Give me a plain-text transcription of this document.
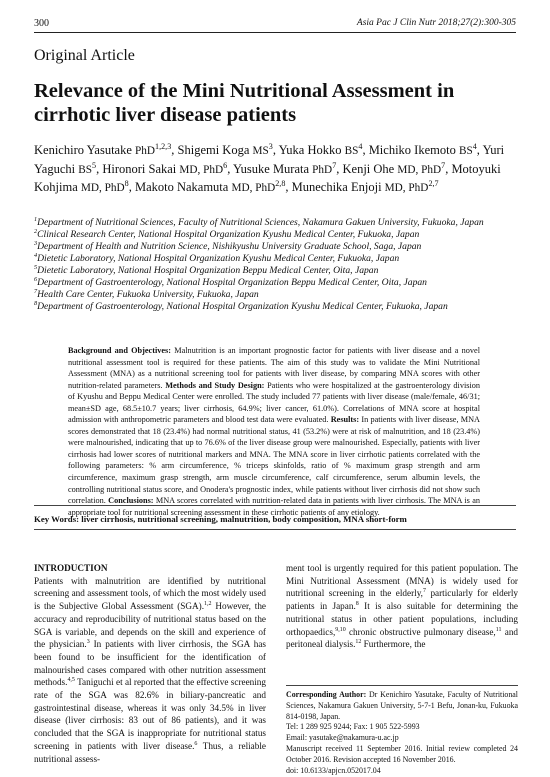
300	Asia Pac J Clin Nutr 2018;27(2):300-305
Original Article
Relevance of the Mini Nutritional Assessment in cirrhotic liver disease patients
Kenichiro Yasutake PhD$^{1,2,3}$, Shigemi Koga $MS^3$, Yuka Hokko $BS^4$, Michiko Ikemoto $BS^4$, Yuri Yaguchi $BS^5$, Hironori Sakai MD, PhD$^6$, Yusuke Murata PhD$^7$, Kenji Ohe MD, PhD$^7$, Motoyuki Kohjima MD, PhD$^8$, Makoto Nakamuta MD, PhD$^{2,8}$, Munechika Enjoji MD, PhD$^{2,7}$
$^1$Department of Nutritional Sciences, Faculty of Nutritional Sciences, Nakamura Gakuen University, Fukuoka, Japan
$^2$Clinical Research Center, National Hospital Organization Kyushu Medical Center, Fukuoka, Japan
$^3$Department of Health and Nutrition Science, Nishikyushu University Graduate School, Saga, Japan
$^4$Dietetic Laboratory, National Hospital Organization Kyushu Medical Center, Fukuoka, Japan
$^5$Dietetic Laboratory, National Hospital Organization Beppu Medical Center, Oita, Japan
$^6$Department of Gastroenterology, National Hospital Organization Beppu Medical Center, Oita, Japan
$^7$Health Care Center, Fukuoka University, Fukuoka, Japan
$^8$Department of Gastroenterology, National Hospital Organization Kyushu Medical Center, Fukuoka, Japan
Background and Objectives: Malnutrition is an important prognostic factor for patients with liver disease and a novel nutritional assessment tool is required for these patients. The aim of this study was to validate the Mini Nutritional Assessment (MNA) as a nutritional screening tool for patients with liver disease, by comparing MNA scores with other nutrition-related parameters. Methods and Study Design: Patients who were hospitalized at the gastroenterology division of Kyushu and Beppu Medical Center were enrolled. The study included 77 patients with liver disease (male/female, 46/31; mean±SD age, 68.5±10.7 years; liver cirrhosis, 64.9%; liver cancer, 61.0%). Correlations of MNA score at hospital admission with anthropometric parameters and blood test data were evaluated. Results: In patients with liver disease, MNA scores demonstrated that 18 (23.4%) had normal nutritional status, 41 (53.2%) were at risk of malnutrition, and 18 (23.4%) were malnourished, indicating that up to 76.6% of the liver disease group were malnourished. Especially, patients with liver cirrhosis had lower scores of nutritional markers and MNA. The MNA score in liver cirrhotic patients correlated with the following parameters: % arm circumference, % triceps skinfolds, ratio of % maximum grasp strength and arm circumference, maximum grasp strength, arm muscle circumference, calf circumference, serum albumin levels, the controlling nutritional status score, and Onodera's prognostic index, while patients without liver cirrhosis did not show such correlation. Conclusions: MNA scores correlated with nutrition-related data in patients with liver cirrhosis. The MNA is an appropriate tool for nutritional screening assessment in these cirrhotic patients of any etiology.
Key Words: liver cirrhosis, nutritional screening, malnutrition, body composition, MNA short-form
INTRODUCTION
Patients with malnutrition are identified by nutritional screening and assessment tools, of which the most widely used is the Subjective Global Assessment (SGA).$^{1,2}$ However, the accuracy and reproducibility of nutritional status based on the SGA is variable, and depends on the skill and experience of the physician.$^3$ In patients with liver cirrhosis, the SGA has been found to be insufficient for the identification of malnourished cases compared with other nutrition assessment methods.$^{4,5}$ Taniguchi et al reported that the effective screening rate of the SGA was 82.6% in biliary-pancreatic and gastrointestinal disease, whereas it was only 34.5% in liver disease (liver cirrhosis: 83 out of 86 patients), and it was concluded that the SGA is inappropriate for nutritional status screening in patients with liver disease.$^6$ Thus, a reliable nutritional assess-
ment tool is urgently required for this patient population. The Mini Nutritional Assessment (MNA) is widely used for nutritional screening in the elderly,$^7$ particularly for elderly patients in Japan.$^8$ It is also suitable for determining the nutritional status in other patient populations, including orthopaedics,$^{9,10}$ chronic obstructive pulmonary disease,$^{11}$ and peritoneal dialysis.$^{12}$ Furthermore, the
Corresponding Author: Dr Kenichiro Yasutake, Faculty of Nutritional Sciences, Nakamura Gakuen University, 5-7-1 Befu, Jonan-ku, Fukuoka 814-0198, Japan.
Tel: 1 289 925 9244; Fax: 1 905 522-5993
Email: yasutake@nakamura-u.ac.jp
Manuscript received 11 September 2016. Initial review completed 24 October 2016. Revision accepted 16 November 2016.
doi: 10.6133/apjcn.052017.04
